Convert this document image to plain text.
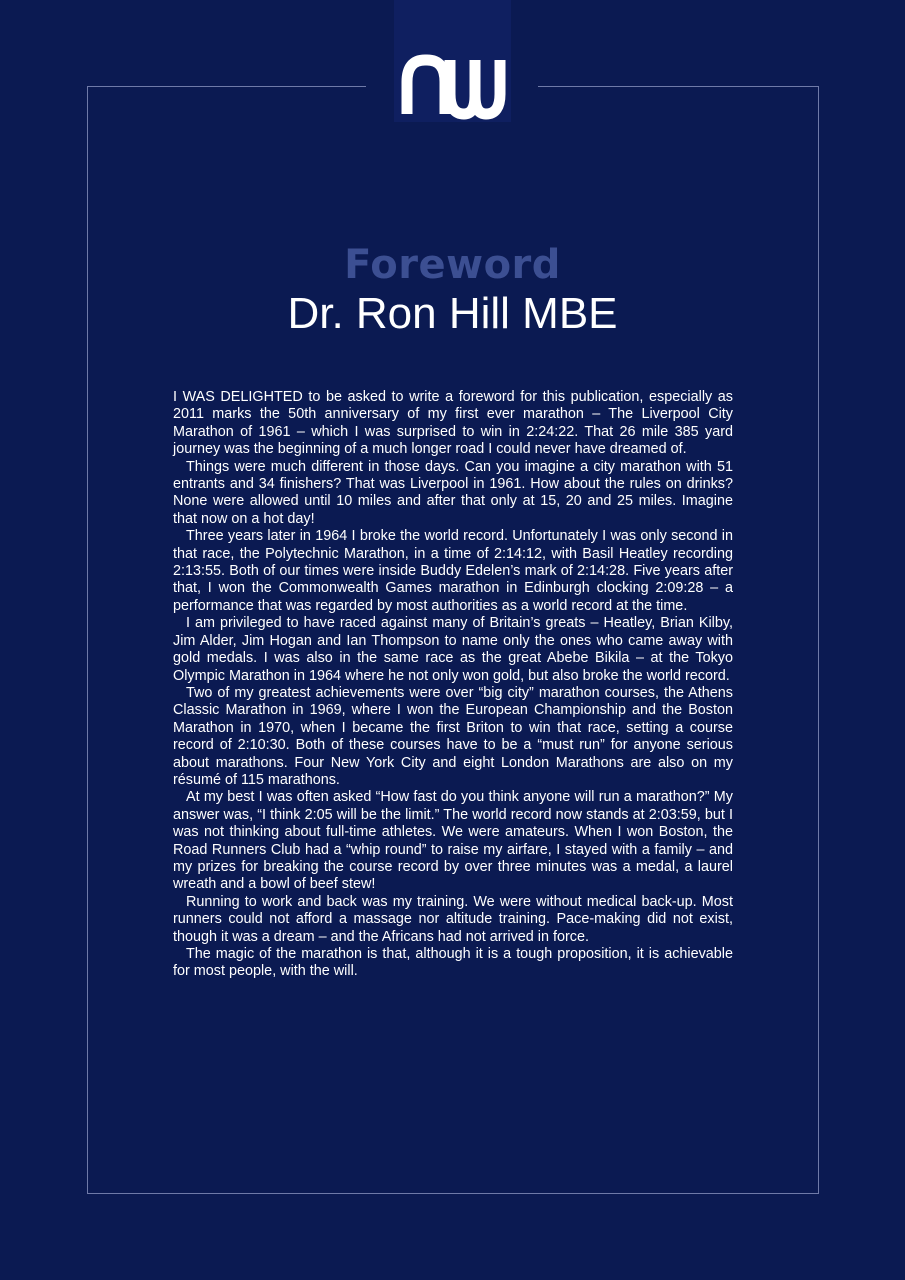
Foreword
Dr. Ron Hill MBE

I WAS DELIGHTED to be asked to write a foreword for this publication, especially as 2011 marks the 50th anniversary of my first ever marathon – The Liverpool City Marathon of 1961 – which I was surprised to win in 2:24:22. That 26 mile 385 yard journey was the beginning of a much longer road I could never have dreamed of.

Things were much different in those days. Can you imagine a city marathon with 51 entrants and 34 finishers? That was Liverpool in 1961. How about the rules on drinks? None were allowed until 10 miles and after that only at 15, 20 and 25 miles. Imagine that now on a hot day!

Three years later in 1964 I broke the world record. Unfortunately I was only second in that race, the Polytechnic Marathon, in a time of 2:14:12, with Basil Heatley recording 2:13:55. Both of our times were inside Buddy Edelen’s mark of 2:14:28. Five years after that, I won the Commonwealth Games marathon in Edinburgh clocking 2:09:28 – a performance that was regarded by most authorities as a world record at the time.

I am privileged to have raced against many of Britain’s greats – Heatley, Brian Kilby, Jim Alder, Jim Hogan and Ian Thompson to name only the ones who came away with gold medals. I was also in the same race as the great Abebe Bikila – at the Tokyo Olympic Marathon in 1964 where he not only won gold, but also broke the world record.

Two of my greatest achievements were over “big city” marathon courses, the Athens Classic Marathon in 1969, where I won the European Championship and the Boston Marathon in 1970, when I became the first Briton to win that race, setting a course record of 2:10:30. Both of these courses have to be a “must run” for anyone serious about marathons. Four New York City and eight London Marathons are also on my résumé of 115 marathons.

At my best I was often asked “How fast do you think anyone will run a marathon?” My answer was, “I think 2:05 will be the limit.” The world record now stands at 2:03:59, but I was not thinking about full-time athletes. We were amateurs. When I won Boston, the Road Runners Club had a “whip round” to raise my airfare, I stayed with a family – and my prizes for breaking the course record by over three minutes was a medal, a laurel wreath and a bowl of beef stew!

Running to work and back was my training. We were without medical back-up. Most runners could not afford a massage nor altitude training. Pace-making did not exist, though it was a dream – and the Africans had not arrived in force.

The magic of the marathon is that, although it is a tough proposition, it is achievable for most people, with the will.
